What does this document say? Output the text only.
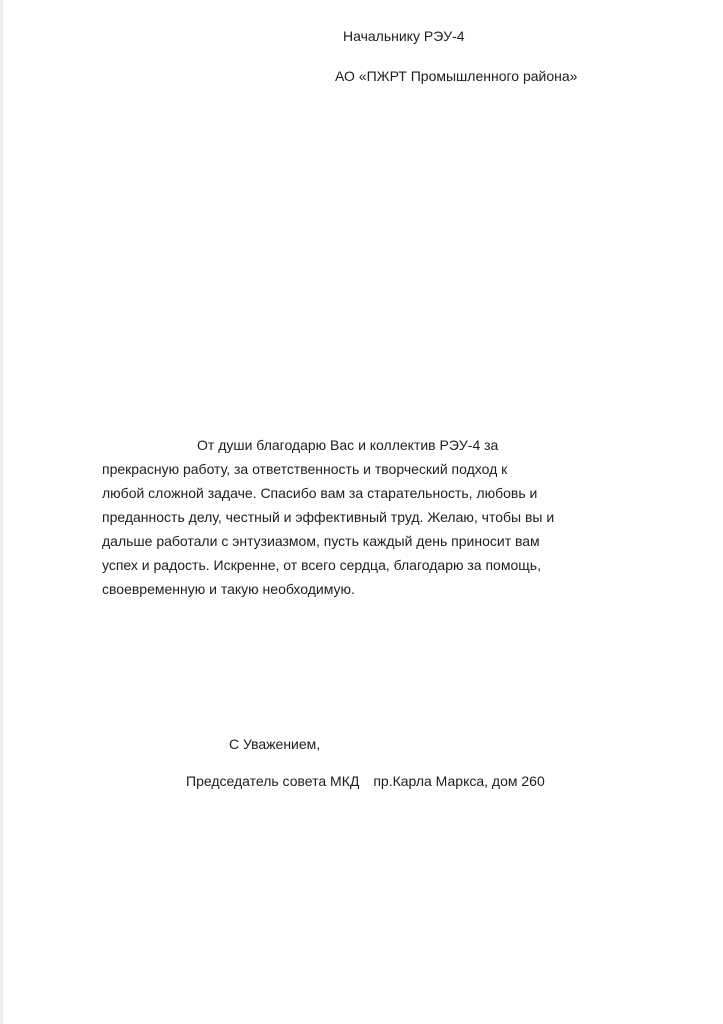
Начальнику РЭУ-4
АО «ПЖРТ Промышленного района»
От души благодарю Вас и коллектив РЭУ-4 за
прекрасную работу, за ответственность и творческий подход к
любой сложной задаче. Спасибо вам за старательность, любовь и
преданность делу, честный и эффективный труд. Желаю, чтобы вы и
дальше работали с энтузиазмом, пусть каждый день приносит вам
успех и радость. Искренне, от всего сердца, благодарю за помощь,
своевременную и такую необходимую.
С Уважением,
Председатель совета МКД пр.Карла Маркса, дом 260
